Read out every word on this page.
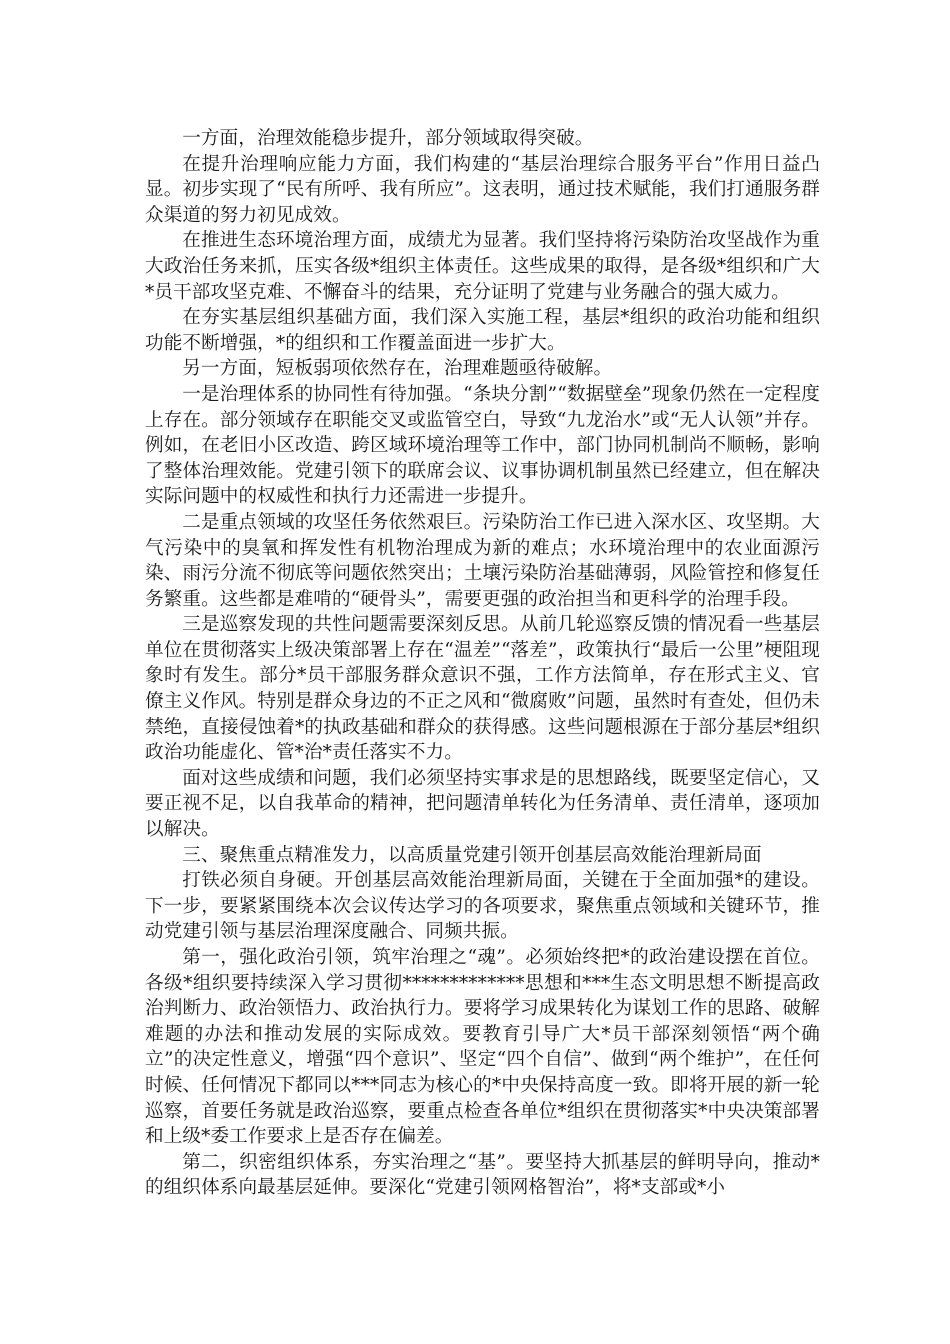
一方面，治理效能稳步提升，部分领域取得突破。

在提升治理响应能力方面，我们构建的“基层治理综合服务平台”作用日益凸显。初步实现了“民有所呼、我有所应”。这表明，通过技术赋能，我们打通服务群众渠道的努力初见成效。

在推进生态环境治理方面，成绩尤为显著。我们坚持将污染防治攻坚战作为重大政治任务来抓，压实各级*组织主体责任。这些成果的取得，是各级*组织和广大*员干部攻坚克难、不懈奋斗的结果，充分证明了党建与业务融合的强大威力。

在夯实基层组织基础方面，我们深入实施工程，基层*组织的政治功能和组织功能不断增强，*的组织和工作覆盖面进一步扩大。

另一方面，短板弱项依然存在，治理难题亟待破解。

一是治理体系的协同性有待加强。“条块分割”“数据壁垒”现象仍然在一定程度上存在。部分领域存在职能交叉或监管空白，导致“九龙治水”或“无人认领”并存。例如，在老旧小区改造、跨区域环境治理等工作中，部门协同机制尚不顺畅，影响了整体治理效能。党建引领下的联席会议、议事协调机制虽然已经建立，但在解决实际问题中的权威性和执行力还需进一步提升。

二是重点领域的攻坚任务依然艰巨。污染防治工作已进入深水区、攻坚期。大气污染中的臭氧和挥发性有机物治理成为新的难点；水环境治理中的农业面源污染、雨污分流不彻底等问题依然突出；土壤污染防治基础薄弱，风险管控和修复任务繁重。这些都是难啃的“硬骨头”，需要更强的政治担当和更科学的治理手段。

三是巡察发现的共性问题需要深刻反思。从前几轮巡察反馈的情况看一些基层单位在贯彻落实上级决策部署上存在“温差”“落差”，政策执行“最后一公里”梗阻现象时有发生。部分*员干部服务群众意识不强，工作方法简单，存在形式主义、官僚主义作风。特别是群众身边的不正之风和“微腐败”问题，虽然时有查处，但仍未禁绝，直接侵蚀着*的执政基础和群众的获得感。这些问题根源在于部分基层*组织政治功能虚化、管*治*责任落实不力。

面对这些成绩和问题，我们必须坚持实事求是的思想路线，既要坚定信心，又要正视不足，以自我革命的精神，把问题清单转化为任务清单、责任清单，逐项加以解决。

三、聚焦重点精准发力，以高质量党建引领开创基层高效能治理新局面

打铁必须自身硬。开创基层高效能治理新局面，关键在于全面加强*的建设。下一步，要紧紧围绕本次会议传达学习的各项要求，聚焦重点领域和关键环节，推动党建引领与基层治理深度融合、同频共振。

第一，强化政治引领，筑牢治理之“魂”。必须始终把*的政治建设摆在首位。各级*组织要持续深入学习贯彻*************思想和***生态文明思想不断提高政治判断力、政治领悟力、政治执行力。要将学习成果转化为谋划工作的思路、破解难题的办法和推动发展的实际成效。要教育引导广大*员干部深刻领悟“两个确立”的决定性意义，增强“四个意识”、坚定“四个自信”、做到“两个维护”，在任何时候、任何情况下都同以***同志为核心的*中央保持高度一致。即将开展的新一轮巡察，首要任务就是政治巡察，要重点检查各单位*组织在贯彻落实*中央决策部署和上级*委工作要求上是否存在偏差。

第二，织密组织体系，夯实治理之“基”。要坚持大抓基层的鲜明导向，推动*的组织体系向最基层延伸。要深化“党建引领网格智治”，将*支部或*小
